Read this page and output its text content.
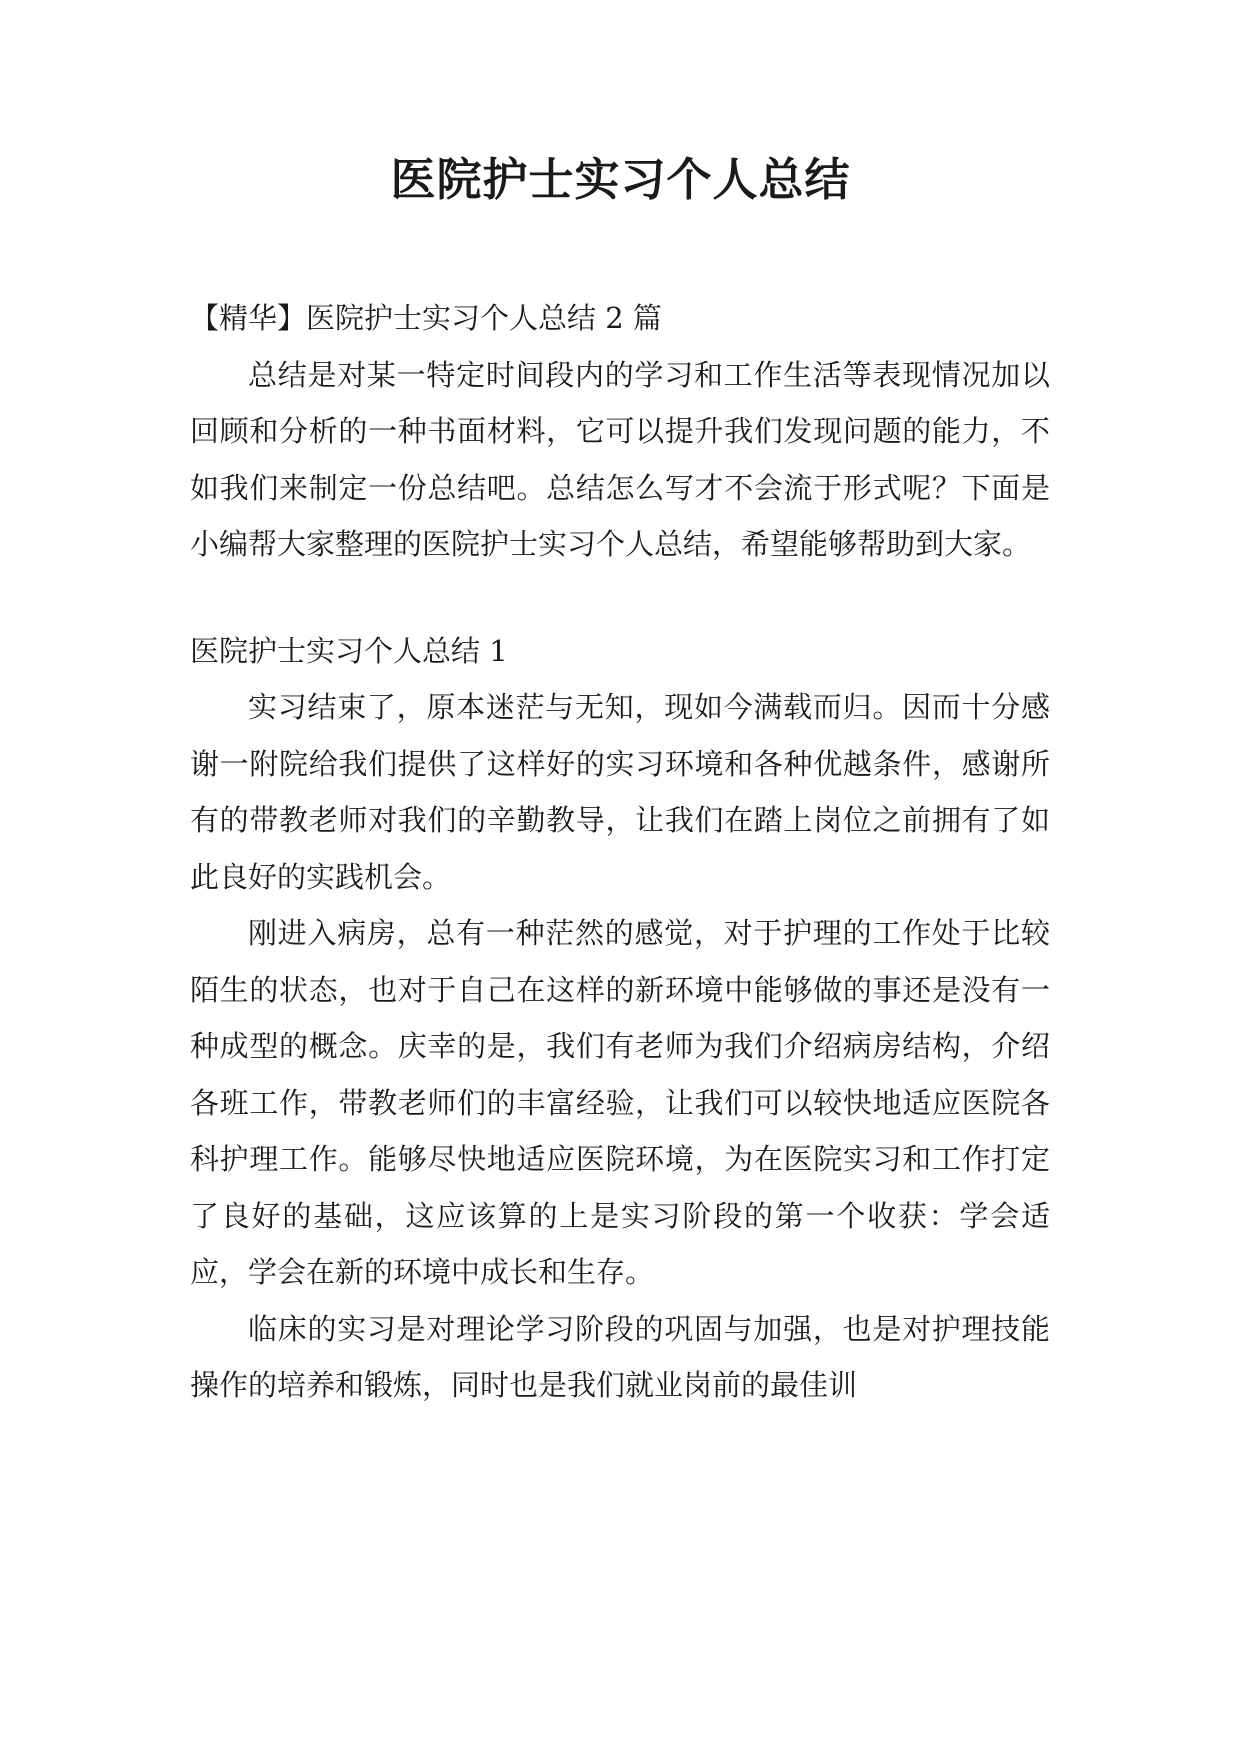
医院护士实习个人总结

【精华】医院护士实习个人总结 2 篇

总结是对某一特定时间段内的学习和工作生活等表现情况加以回顾和分析的一种书面材料，它可以提升我们发现问题的能力，不如我们来制定一份总结吧。总结怎么写才不会流于形式呢？下面是小编帮大家整理的医院护士实习个人总结，希望能够帮助到大家。

医院护士实习个人总结 1

实习结束了，原本迷茫与无知，现如今满载而归。因而十分感谢一附院给我们提供了这样好的实习环境和各种优越条件，感谢所有的带教老师对我们的辛勤教导，让我们在踏上岗位之前拥有了如此良好的实践机会。

刚进入病房，总有一种茫然的感觉，对于护理的工作处于比较陌生的状态，也对于自己在这样的新环境中能够做的事还是没有一种成型的概念。庆幸的是，我们有老师为我们介绍病房结构，介绍各班工作，带教老师们的丰富经验，让我们可以较快地适应医院各科护理工作。能够尽快地适应医院环境，为在医院实习和工作打定了良好的基础，这应该算的上是实习阶段的第一个收获：学会适应，学会在新的环境中成长和生存。

临床的实习是对理论学习阶段的巩固与加强，也是对护理技能操作的培养和锻炼，同时也是我们就业岗前的最佳训
